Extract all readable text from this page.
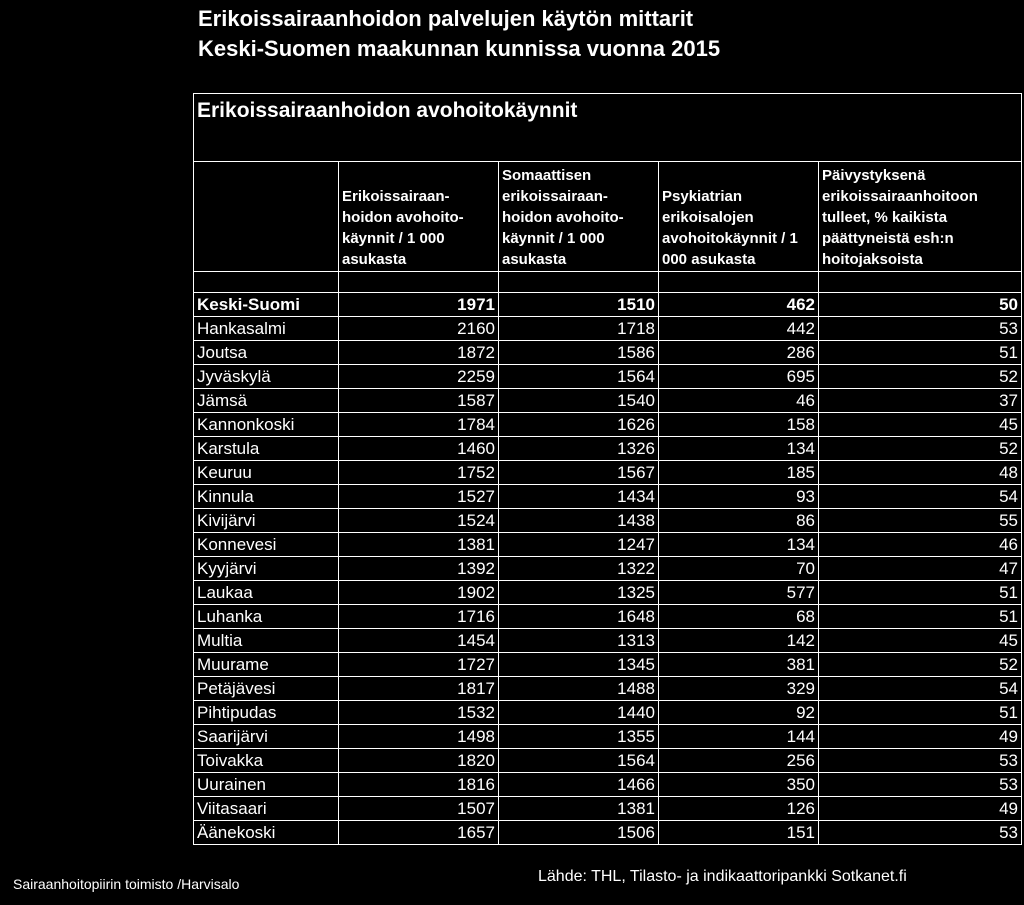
Erikoissairaanhoidon palvelujen käytön mittarit
Keski-Suomen maakunnan kunnissa vuonna 2015
Erikoissairaanhoidon avohoitokäynnit				
	Erikoissairaan-hoidon avohoito-käynnit / 1 000 asukasta	Somaattisen erikoissairaan-hoidon avohoito-käynnit / 1 000 asukasta	Psykiatrian erikoisalojen avohoitokäynnit / 1 000 asukasta	Päivystyksenä erikoissairaanhoitoon tulleet, % kaikista päättyneistä esh:n hoitojaksoista

Keski-Suomi	1971	1510	462	50
Hankasalmi	2160	1718	442	53
Joutsa	1872	1586	286	51
Jyväskylä	2259	1564	695	52
Jämsä	1587	1540	46	37
Kannonkoski	1784	1626	158	45
Karstula	1460	1326	134	52
Keuruu	1752	1567	185	48
Kinnula	1527	1434	93	54
Kivijärvi	1524	1438	86	55
Konnevesi	1381	1247	134	46
Kyyjärvi	1392	1322	70	47
Laukaa	1902	1325	577	51
Luhanka	1716	1648	68	51
Multia	1454	1313	142	45
Muurame	1727	1345	381	52
Petäjävesi	1817	1488	329	54
Pihtipudas	1532	1440	92	51
Saarijärvi	1498	1355	144	49
Toivakka	1820	1564	256	53
Uurainen	1816	1466	350	53
Viitasaari	1507	1381	126	49
Äänekoski	1657	1506	151	53
Lähde: THL, Tilasto- ja indikaattoripankki Sotkanet.fi
Sairaanhoitopiirin toimisto /Harvisalo
